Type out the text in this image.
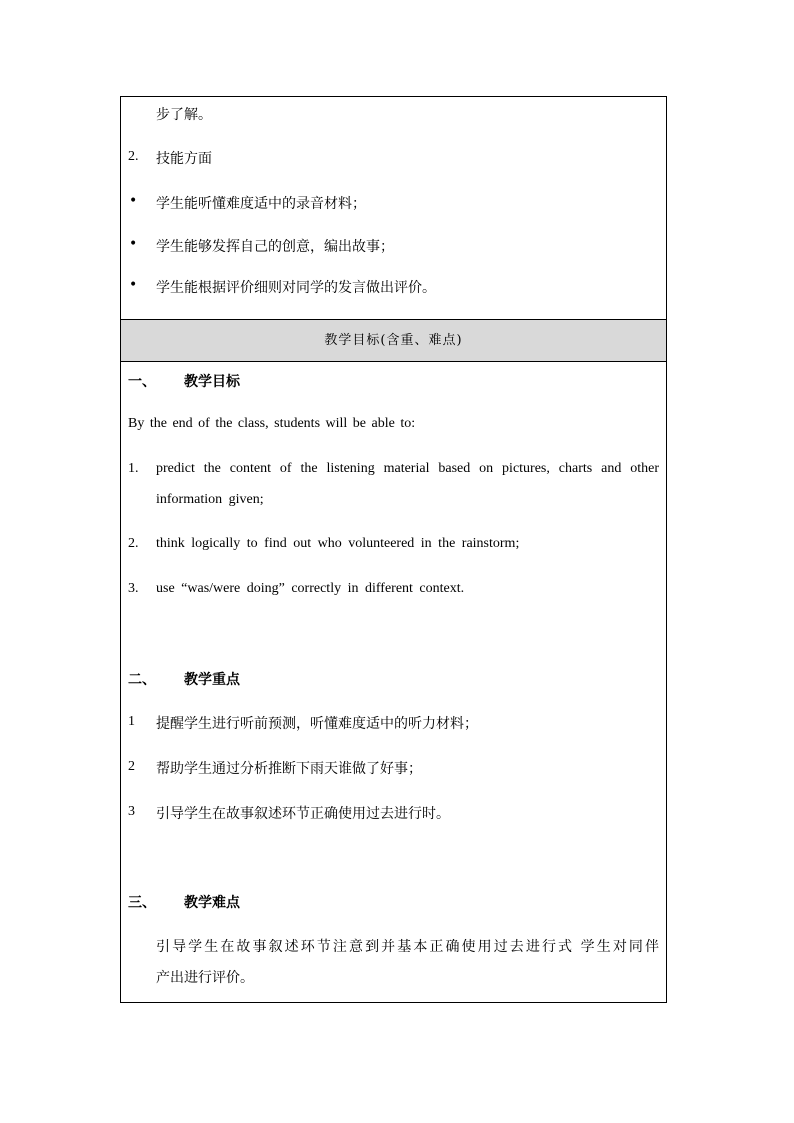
步了解。
2. 技能方面
• 学生能听懂难度适中的录音材料；
• 学生能够发挥自己的创意，编出故事；
• 学生能根据评价细则对同学的发言做出评价。
教学目标(含重、难点)
一、 教学目标
By the end of the class, students will be able to:
1. predict the content of the listening material based on pictures, charts and other
information given;
2. think logically to find out who volunteered in the rainstorm;
3. use “was/were doing” correctly in different context.
二、 教学重点
1 提醒学生进行听前预测，听懂难度适中的听力材料；
2 帮助学生通过分析推断下雨天谁做了好事；
3 引导学生在故事叙述环节正确使用过去进行时。
三、 教学难点
引导学生在故事叙述环节注意到并基本正确使用过去进行式 学生对同伴
产出进行评价。
